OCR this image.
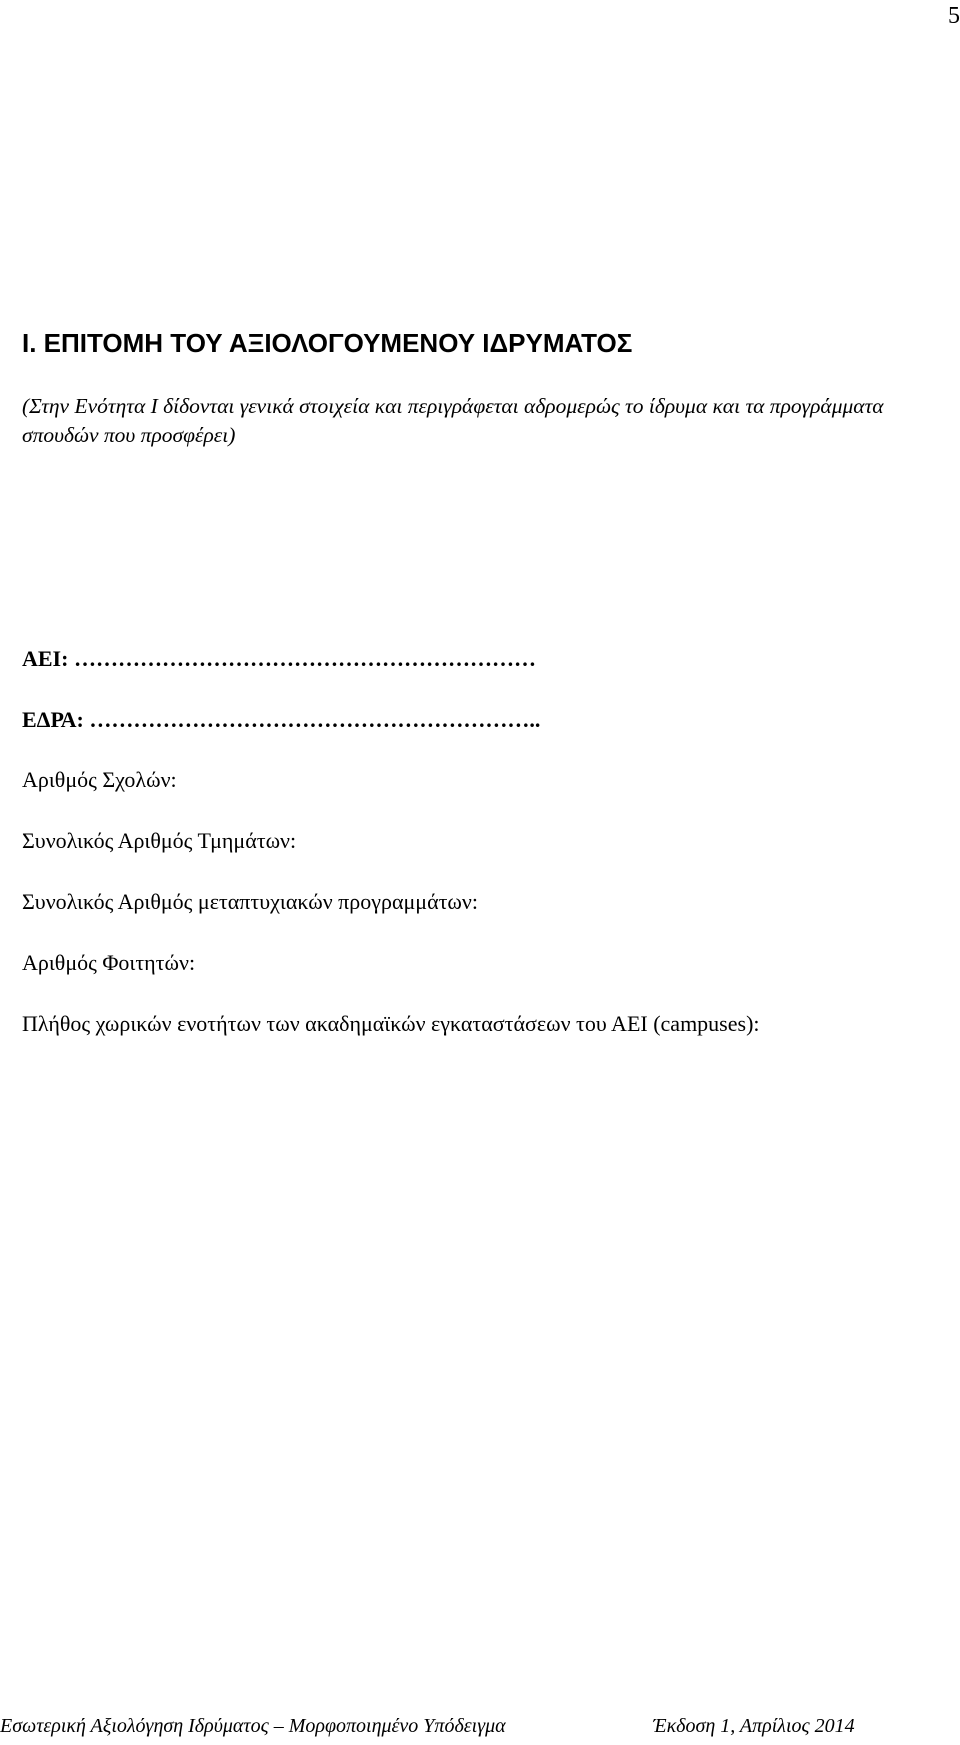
5
Ι. ΕΠΙΤΟΜΗ ΤΟΥ ΑΞΙΟΛΟΓΟΥΜΕΝΟΥ ΙΔΡΥΜΑΤΟΣ

(Στην Ενότητα Ι δίδονται γενικά στοιχεία και περιγράφεται αδρομερώς το ίδρυμα και τα προγράμματα σπουδών που προσφέρει)

ΑΕΙ: ………………………………………………………

ΕΔΡΑ: ……………………………………………………..

Αριθμός Σχολών:

Συνολικός Αριθμός Τμημάτων:

Συνολικός Αριθμός μεταπτυχιακών προγραμμάτων:

Αριθμός Φοιτητών:

Πλήθος χωρικών ενοτήτων των ακαδημαϊκών εγκαταστάσεων του ΑΕΙ (campuses):

Εσωτερική Αξιολόγηση Ιδρύματος – Μορφοποιημένο Υπόδειγμα	Έκδοση 1, Απρίλιος 2014
